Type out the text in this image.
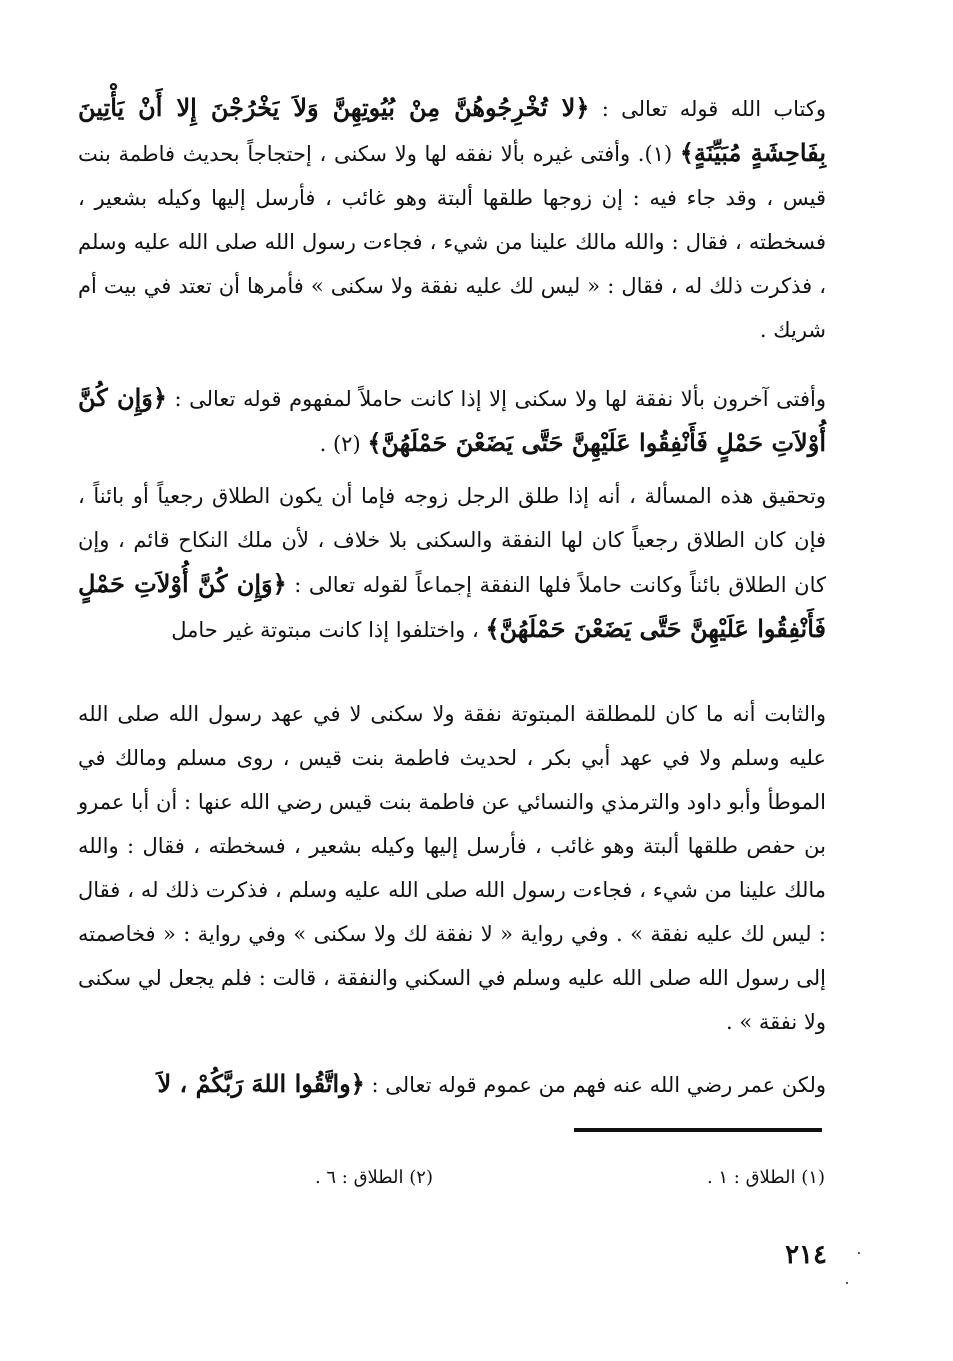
وكتاب الله قوله تعالى : ﴿لا تُخْرِجُوهُنَّ مِنْ بُيُوتِهِنَّ وَلاَ يَخْرُجْنَ إِلا أَنْ يَأْتِينَ بِفَاحِشَةٍ مُبَيِّنَةٍ﴾ (١). وأفتى غيره بألا نفقه لها ولا سكنى ، إحتجاجاً بحديث فاطمة بنت قيس ، وقد جاء فيه : إن زوجها طلقها ألبتة وهو غائب ، فأرسل إليها وكيله بشعير ، فسخطته ، فقال : والله مالك علينا من شيء ، فجاءت رسول الله صلى الله عليه وسلم ، فذكرت ذلك له ، فقال : « ليس لك عليه نفقة ولا سكنى » فأمرها أن تعتد في بيت أم شريك .

وأفتى آخرون بألا نفقة لها ولا سكنى إلا إذا كانت حاملاً لمفهوم قوله تعالى : ﴿وَإِن كُنَّ أُوْلاَتِ حَمْلٍ فَأَنْفِقُوا عَلَيْهِنَّ حَتَّى يَضَعْنَ حَمْلَهُنَّ﴾ (٢) .

وتحقيق هذه المسألة ، أنه إذا طلق الرجل زوجه فإما أن يكون الطلاق رجعياً أو بائناً ، فإن كان الطلاق رجعياً كان لها النفقة والسكنى بلا خلاف ، لأن ملك النكاح قائم ، وإن كان الطلاق بائناً وكانت حاملاً فلها النفقة إجماعاً لقوله تعالى : ﴿وَإِن كُنَّ أُوْلاَتِ حَمْلٍ فَأَنْفِقُوا عَلَيْهِنَّ حَتَّى يَضَعْنَ حَمْلَهُنَّ﴾ ، واختلفوا إذا كانت مبتوتة غير حامل

والثابت أنه ما كان للمطلقة المبتوتة نفقة ولا سكنى لا في عهد رسول الله صلى الله عليه وسلم ولا في عهد أبي بكر ، لحديث فاطمة بنت قيس ، روى مسلم ومالك في الموطأ وأبو داود والترمذي والنسائي عن فاطمة بنت قيس رضي الله عنها : أن أبا عمرو بن حفص طلقها ألبتة وهو غائب ، فأرسل إليها وكيله بشعير ، فسخطته ، فقال : والله مالك علينا من شيء ، فجاءت رسول الله صلى الله عليه وسلم ، فذكرت ذلك له ، فقال : ليس لك عليه نفقة » . وفي رواية « لا نفقة لك ولا سكنى » وفي رواية : « فخاصمته إلى رسول الله صلى الله عليه وسلم في السكني والنفقة ، قالت : فلم يجعل لي سكنى ولا نفقة » .

ولكن عمر رضي الله عنه فهم من عموم قوله تعالى : ﴿واتَّقُوا اللهَ رَبَّكُمْ ، لاَ

(١) الطلاق : ١ .
(٢) الطلاق : ٦ .
٢١٤
